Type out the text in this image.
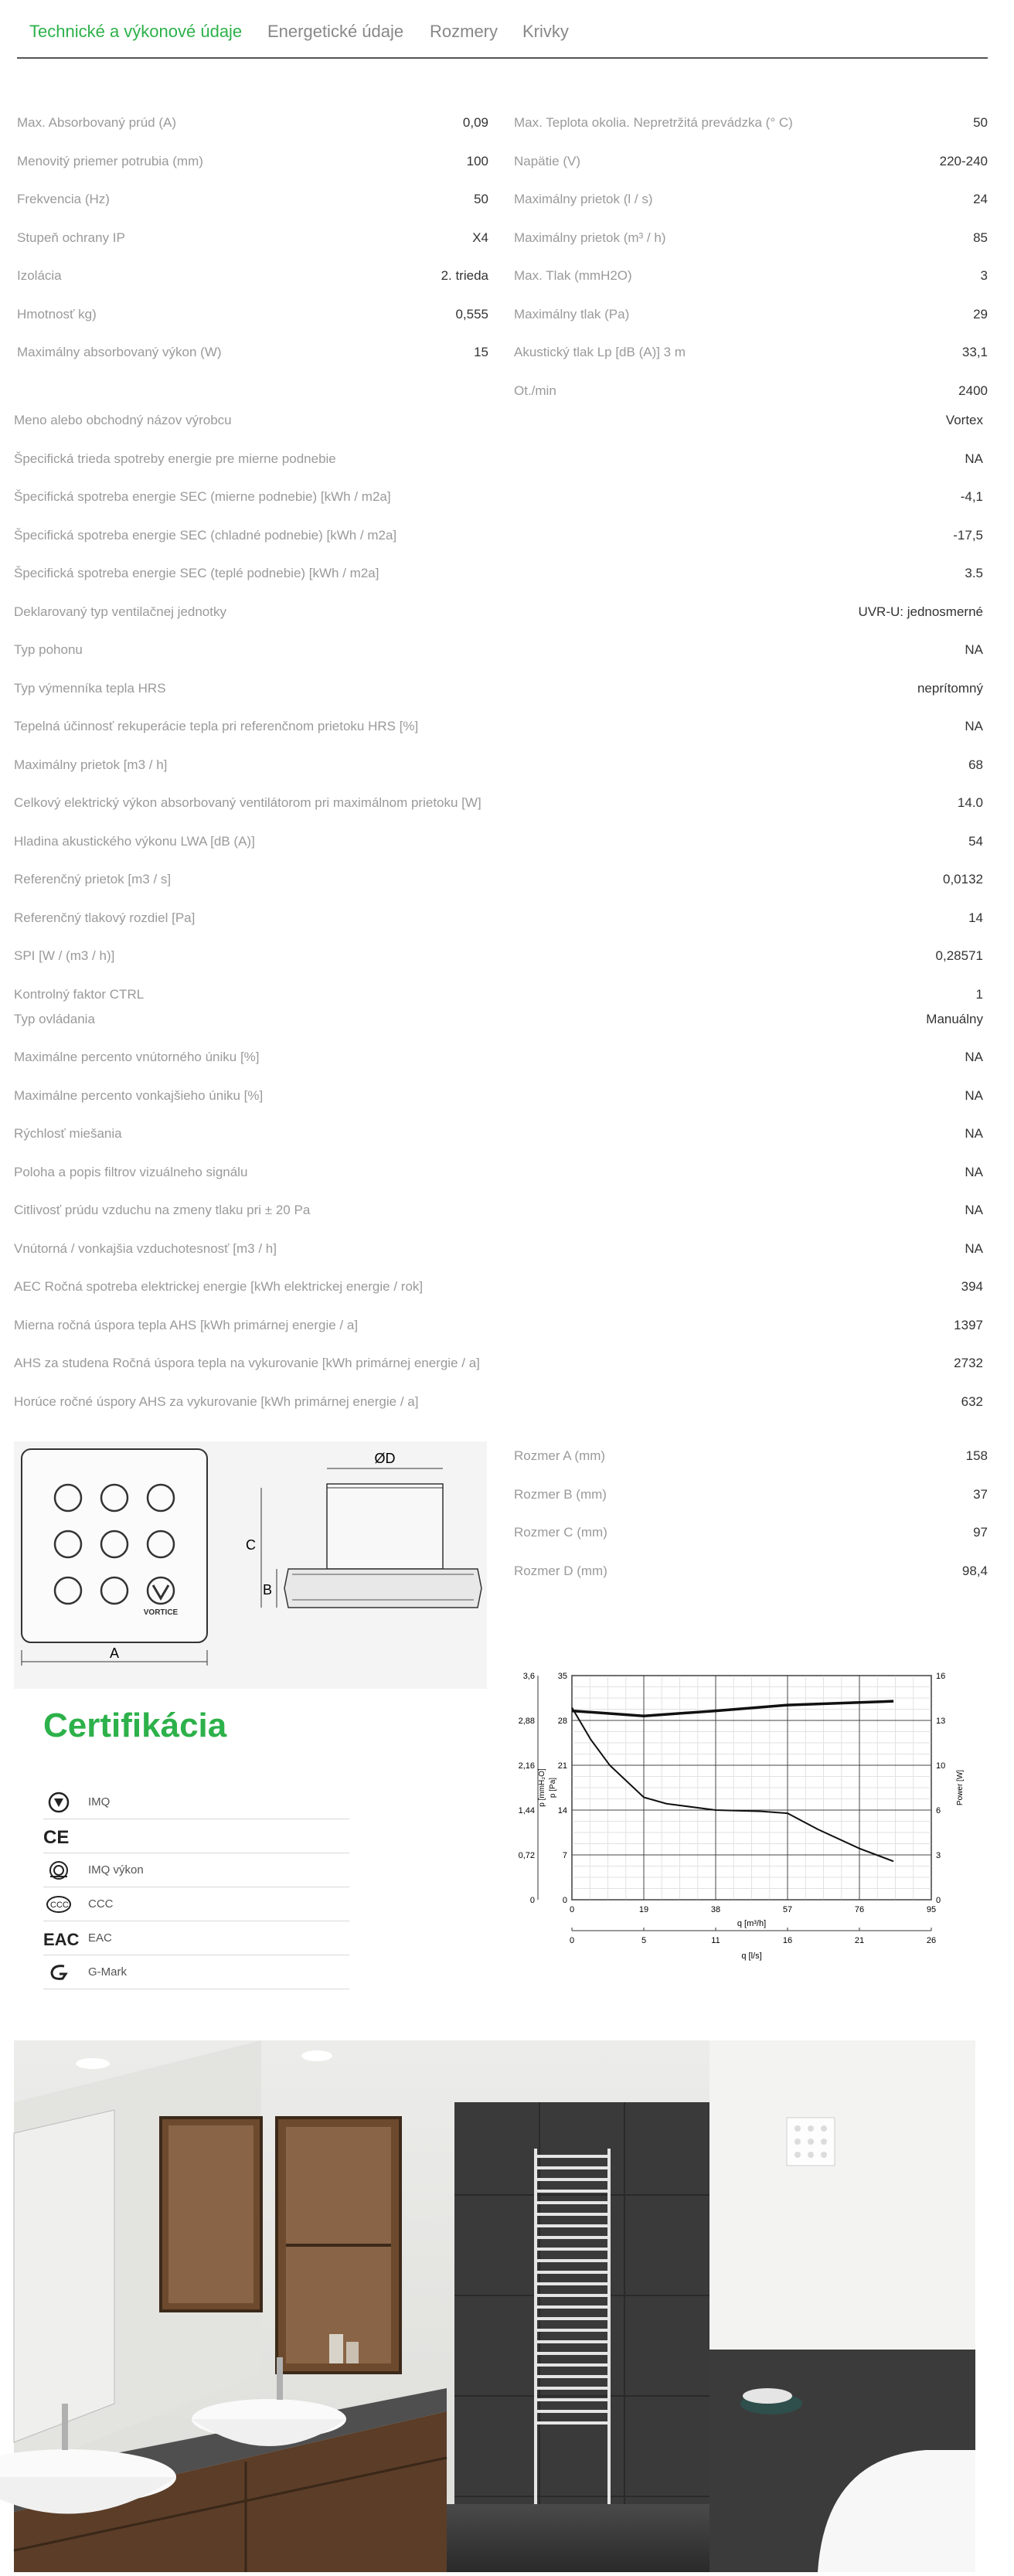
Technické a výkonové údaje Energetické údaje Rozmery Krivky
Max. Absorbovaný prúd (A)	0,09
Menovitý priemer potrubia (mm)	100
Frekvencia (Hz)	50
Stupeň ochrany IP	X4
Izolácia	2. trieda
Hmotnosť kg)	0,555
Maximálny absorbovaný výkon (W)	15
Max. Teplota okolia. Nepretržitá prevádzka (° C)	50
Napätie (V)	220-240
Maximálny prietok (l / s)	24
Maximálny prietok (m³ / h)	85
Max. Tlak (mmH2O)	3
Maximálny tlak (Pa)	29
Akustický tlak Lp [dB (A)] 3 m	33,1
Ot./min	2400
Meno alebo obchodný názov výrobcu	Vortex
Špecifická trieda spotreby energie pre mierne podnebie	NA
Špecifická spotreba energie SEC (mierne podnebie) [kWh / m2a]	-4,1
Špecifická spotreba energie SEC (chladné podnebie) [kWh / m2a]	-17,5
Špecifická spotreba energie SEC (teplé podnebie) [kWh / m2a]	3.5
Deklarovaný typ ventilačnej jednotky	UVR-U: jednosmerné
Typ pohonu	NA
Typ výmenníka tepla HRS	neprítomný
Tepelná účinnosť rekuperácie tepla pri referenčnom prietoku HRS [%]	NA
Maximálny prietok [m3 / h]	68
Celkový elektrický výkon absorbovaný ventilátorom pri maximálnom prietoku [W]	14.0
Hladina akustického výkonu LWA [dB (A)]	54
Referenčný prietok [m3 / s]	0,0132
Referenčný tlakový rozdiel [Pa]	14
SPI [W / (m3 / h)]	0,28571
Kontrolný faktor CTRL	1
Typ ovládania	Manuálny
Maximálne percento vnútorného úniku [%]	NA
Maximálne percento vonkajšieho úniku [%]	NA
Rýchlosť miešania	NA
Poloha a popis filtrov vizuálneho signálu	NA
Citlivosť prúdu vzduchu na zmeny tlaku pri ± 20 Pa	NA
Vnútorná / vonkajšia vzduchotesnosť [m3 / h]	NA
AEC Ročná spotreba elektrickej energie [kWh elektrickej energie / rok]	394
Mierna ročná úspora tepla AHS [kWh primárnej energie / a]	1397
AHS za studena Ročná úspora tepla na vykurovanie [kWh primárnej energie / a]	2732
Horúce ročné úspory AHS za vykurovanie [kWh primárnej energie / a]	632
Rozmer A (mm)	158
Rozmer B (mm)	37
Rozmer C (mm)	97
Rozmer D (mm)	98,4
VORTICE
A
ØD
C
B
Certifikácia
IMQ
CE
IMQ výkon
CCC CCC
EAC EAC
G-Mark
0	19	38	57	76	95
0
0	0
7
0,72	3
14
1,44	6
21
2,16	10
28
2,88	13
35
3,6	16
q [m³/h]
0	5	11	16	21	26
q [l/s]
p [Pa]
p [mmH₂O]	Power [W]
